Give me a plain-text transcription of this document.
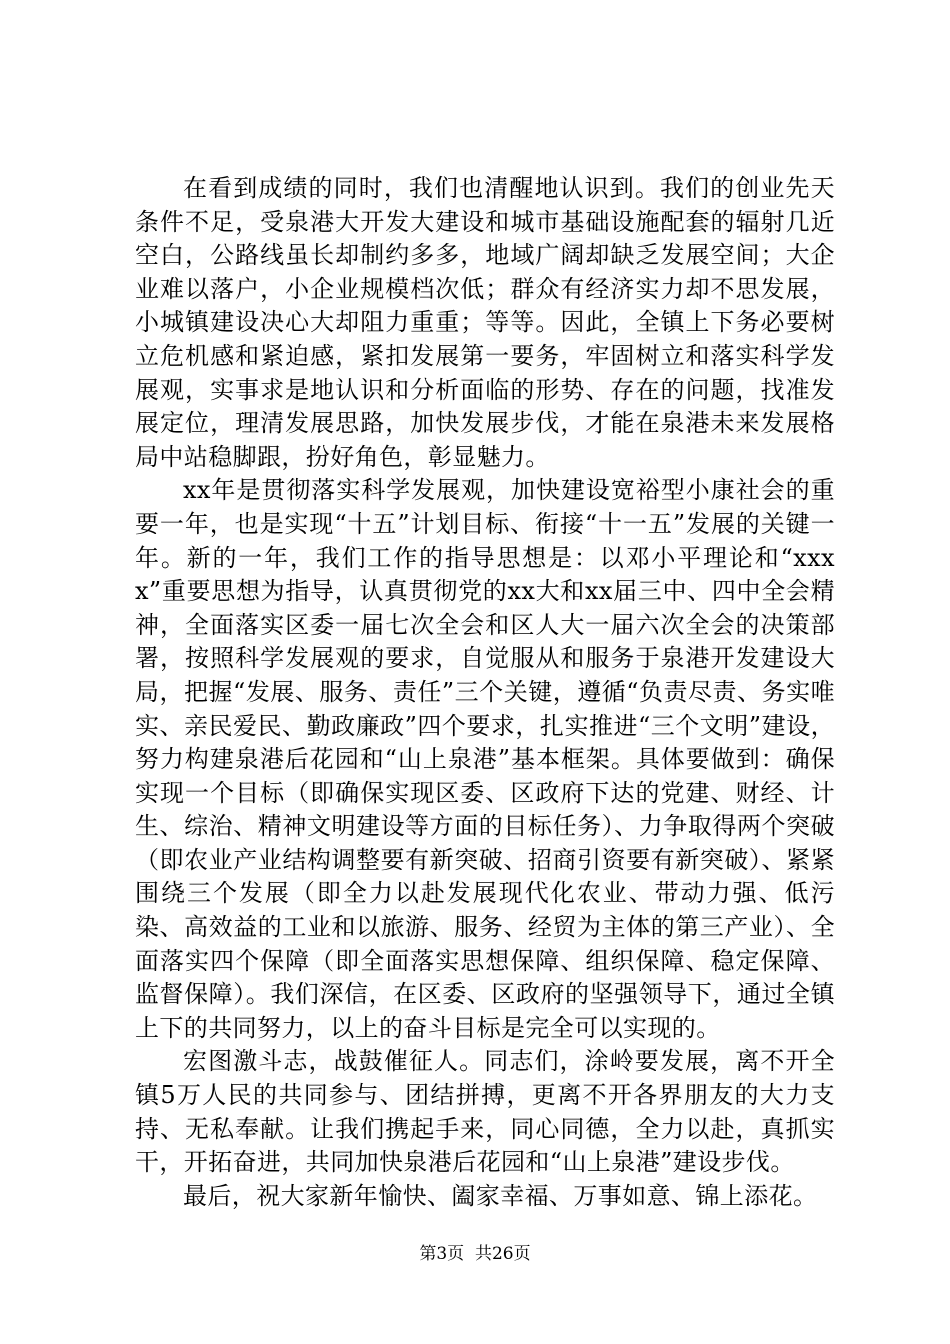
在看到成绩的同时，我们也清醒地认识到。我们的创业先天条件不足，受泉港大开发大建设和城市基础设施配套的辐射几近空白，公路线虽长却制约多多，地域广阔却缺乏发展空间；大企业难以落户，小企业规模档次低；群众有经济实力却不思发展，小城镇建设决心大却阻力重重；等等。因此，全镇上下务必要树立危机感和紧迫感，紧扣发展第一要务，牢固树立和落实科学发展观，实事求是地认识和分析面临的形势、存在的问题，找准发展定位，理清发展思路，加快发展步伐，才能在泉港未来发展格局中站稳脚跟，扮好角色，彰显魅力。

xx年是贯彻落实科学发展观，加快建设宽裕型小康社会的重要一年，也是实现“十五”计划目标、衔接“十一五”发展的关键一年。新的一年，我们工作的指导思想是：以邓小平理论和“xxxx”重要思想为指导，认真贯彻党的xx大和xx届三中、四中全会精神，全面落实区委一届七次全会和区人大一届六次全会的决策部署，按照科学发展观的要求，自觉服从和服务于泉港开发建设大局，把握“发展、服务、责任”三个关键，遵循“负责尽责、务实唯实、亲民爱民、勤政廉政”四个要求，扎实推进“三个文明”建设，努力构建泉港后花园和“山上泉港”基本框架。具体要做到：确保实现一个目标（即确保实现区委、区政府下达的党建、财经、计生、综治、精神文明建设等方面的目标任务）、力争取得两个突破（即农业产业结构调整要有新突破、招商引资要有新突破）、紧紧围绕三个发展（即全力以赴发展现代化农业、带动力强、低污染、高效益的工业和以旅游、服务、经贸为主体的第三产业）、全面落实四个保障（即全面落实思想保障、组织保障、稳定保障、监督保障）。我们深信，在区委、区政府的坚强领导下，通过全镇上下的共同努力，以上的奋斗目标是完全可以实现的。

宏图激斗志，战鼓催征人。同志们，涂岭要发展，离不开全镇5万人民的共同参与、团结拼搏，更离不开各界朋友的大力支持、无私奉献。让我们携起手来，同心同德，全力以赴，真抓实干，开拓奋进，共同加快泉港后花园和“山上泉港”建设步伐。

最后，祝大家新年愉快、阖家幸福、万事如意、锦上添花。

第3页  共26页
